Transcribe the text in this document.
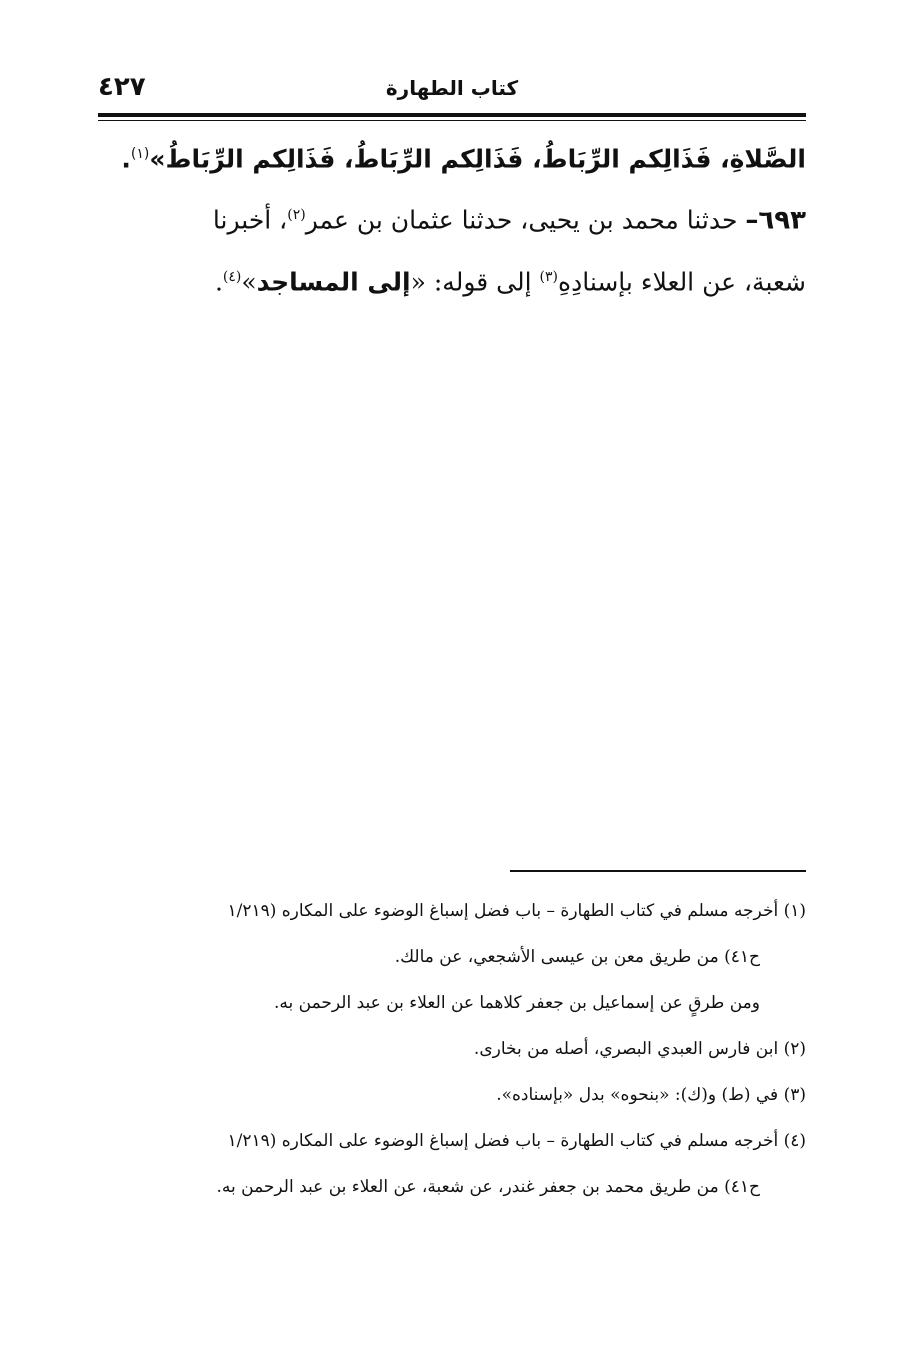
كتاب الطهارة
٤٢٧
الصَّلاةِ، فَذَالِكم الرِّبَاطُ، فَذَالِكم الرِّبَاطُ، فَذَالِكم الرِّبَاطُ»$^{(١)}$.
٦٩٣– حدثنا محمد بن يحيى، حدثنا عثمان بن عمر$^{(٢)}$، أخبرنا
شعبة، عن العلاء بإسنادِهِ$^{(٣)}$ إلى قوله: «إلى المساجد»$^{(٤)}$.
(١) أخرجه مسلم في كتاب الطهارة – باب فضل إسباغ الوضوء على المكاره (١/٢١٩
ح٤١) من طريق معن بن عيسى الأشجعي، عن مالك.
ومن طرقٍ عن إسماعيل بن جعفر كلاهما عن العلاء بن عبد الرحمن به.
(٢) ابن فارس العبدي البصري، أصله من بخارى.
(٣) في (ط) و(ك): «بنحوه» بدل «بإسناده».
(٤) أخرجه مسلم في كتاب الطهارة – باب فضل إسباغ الوضوء على المكاره (١/٢١٩
ح٤١) من طريق محمد بن جعفر غندر، عن شعبة، عن العلاء بن عبد الرحمن به.
